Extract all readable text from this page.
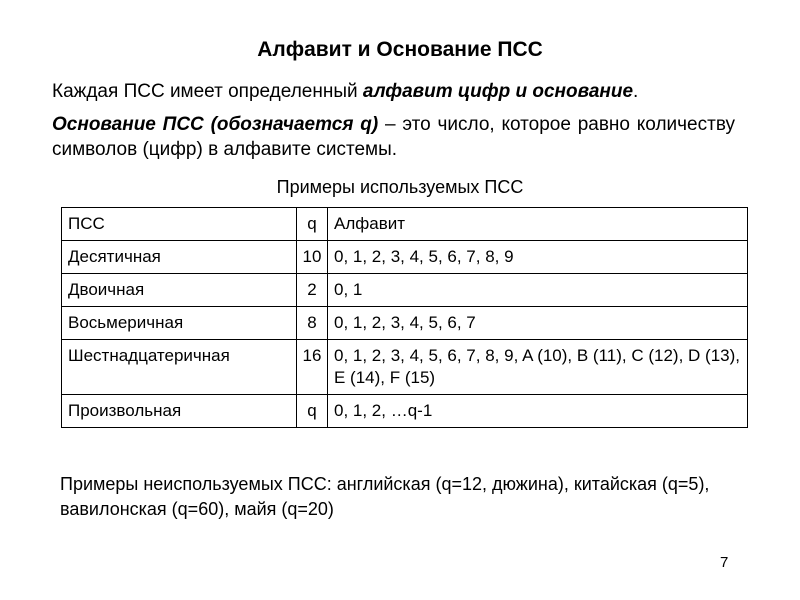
Алфавит и Основание ПСС
Каждая ПСС имеет определенный алфавит цифр и основание.
Основание ПСС (обозначается q) – это число, которое равно количеству символов (цифр) в алфавите системы.
Примеры используемых ПСС
ПСС	q	Алфавит
Десятичная	10	0, 1, 2, 3, 4, 5, 6, 7, 8, 9
Двоичная	2	0, 1
Восьмеричная	8	0, 1, 2, 3, 4, 5, 6, 7
Шестнадцатеричная	16	0, 1, 2, 3, 4, 5, 6, 7, 8, 9, A (10), B (11), C (12), D (13), E (14), F (15)
Произвольная	q	0, 1, 2, …q-1
Примеры неиспользуемых ПСС: английская (q=12, дюжина), китайская (q=5), вавилонская (q=60), майя (q=20)
7
